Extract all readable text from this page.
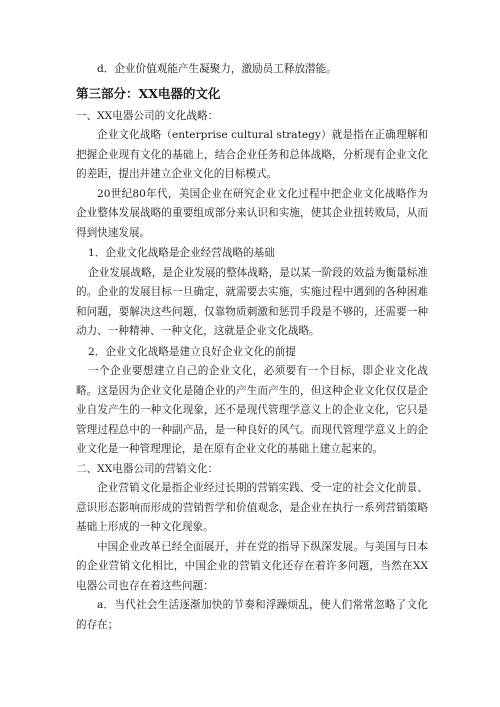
d．企业价值观能产生凝聚力，激励员工释放潜能。

第三部分：XX电器的文化

一、XX电器公司的文化战略：

企业文化战略（enterprise cultural strategy）就是指在正确理解和把握企业现有文化的基础上，结合企业任务和总体战略，分析现有企业文化的差距，提出并建立企业文化的目标模式。

20世纪80年代，美国企业在研究企业文化过程中把企业文化战略作为企业整体发展战略的重要组成部分来认识和实施，使其企业扭转败局，从而得到快速发展。

1．企业文化战略是企业经营战略的基础

企业发展战略，是企业发展的整体战略，是以某一阶段的效益为衡量标准的。企业的发展目标一旦确定，就需要去实施，实施过程中遇到的各种困难和问题，要解决这些问题，仅靠物质刺激和惩罚手段是不够的，还需要一种动力、一种精神、一种文化，这就是企业文化战略。

2．企业文化战略是建立良好企业文化的前提

一个企业要想建立自己的企业文化，必须要有一个目标，即企业文化战略。这是因为企业文化是随企业的产生而产生的，但这种企业文化仅仅是企业自发产生的一种文化现象，还不是现代管理学意义上的企业文化，它只是管理过程总中的一种副产品，是一种良好的风气。而现代管理学意义上的企业文化是一种管理理论，是在原有企业文化的基础上建立起来的。

二、XX电器公司的营销文化：

企业营销文化是指企业经过长期的营销实践、受一定的社会文化前景、意识形态影响而形成的营销哲学和价值观念，是企业在执行一系列营销策略基础上形成的一种文化现象。

中国企业改革已经全面展开，并在党的指导下纵深发展。与美国与日本的企业营销文化相比，中国企业的营销文化还存在着许多问题，当然在XX电器公司也存在着这些问题：

a．当代社会生活逐渐加快的节奏和浮躁烦乱，使人们常常忽略了文化的存在；
